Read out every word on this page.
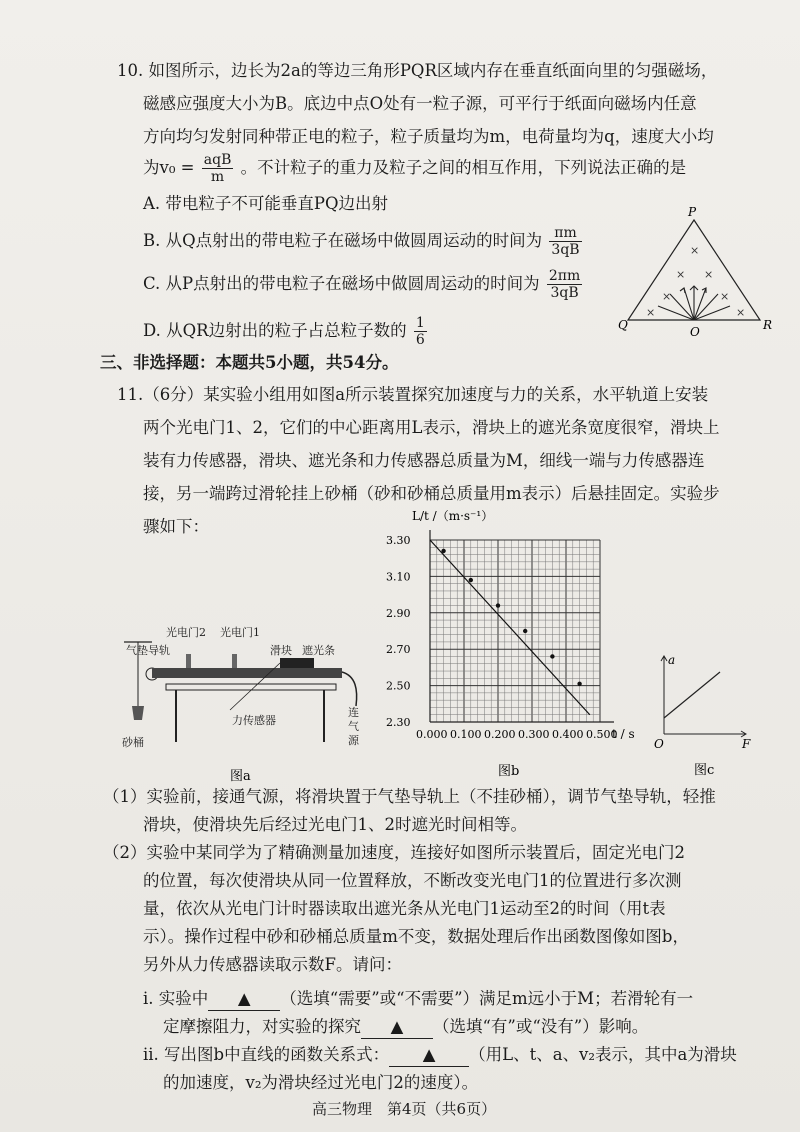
10. 如图所示，边长为2a的等边三角形PQR区域内存在垂直纸面向里的匀强磁场，
磁感应强度大小为B。底边中点O处有一粒子源，可平行于纸面向磁场内任意
方向均匀发射同种带正电的粒子，粒子质量均为m，电荷量均为q，速度大小均
为$v_0 = \frac{\text{aqB}}{m}$ 。不计粒子的重力及粒子之间的相互作用，下列说法正确的是
A. 带电粒子不可能垂直PQ边出射
B. 从Q点射出的带电粒子在磁场中做圆周运动的时间为 $\frac{\pi m}{3qB}$
C. 从P点射出的带电粒子在磁场中做圆周运动的时间为 $\frac{2\pi m}{3qB}$
D. 从QR边射出的粒子占总粒子数的 $\frac{1}{6}$
P
Q	R
O
×
× ×
×	×
×	×
三、非选择题：本题共5小题，共54分。
11.（6分）某实验小组用如图a所示装置探究加速度与力的关系，水平轨道上安装
两个光电门1、2，它们的中心距离用L表示，滑块上的遮光条宽度很窄，滑块上
装有力传感器，滑块、遮光条和力传感器总质量为M，细线一端与力传感器连
接，另一端跨过滑轮挂上砂桶（砂和砂桶总质量用m表示）后悬挂固定。实验步
骤如下：
光电门2 光电门1
气垫导轨	滑块 遮光条
力传感器
砂桶
连
气
源
图a
L/t /（m·s⁻¹）
t / s
0.000 0.100 0.200 0.300 0.400 0.500
2.30
2.50
2.70
2.90
3.10
3.30
图b
a
F
O
图c
（1）实验前，接通气源，将滑块置于气垫导轨上（不挂砂桶），调节气垫导轨，轻推
滑块，使滑块先后经过光电门1、2时遮光时间相等。
（2）实验中某同学为了精确测量加速度，连接好如图所示装置后，固定光电门2
的位置，每次使滑块从同一位置释放，不断改变光电门1的位置进行多次测
量，依次从光电门计时器读取出遮光条从光电门1运动至2的时间（用t表
示）。操作过程中砂和砂桶总质量m不变，数据处理后作出函数图像如图b，
另外从力传感器读取示数F。请问：
i. 实验中 ▲ （选填“需要”或“不需要”）满足m远小于M；若滑轮有一
定摩擦阻力，对实验的探究 ▲ （选填“有”或“没有”）影响。
ii. 写出图b中直线的函数关系式： ▲ （用L、t、a、v₂表示，其中a为滑块
的加速度，v₂为滑块经过光电门2的速度）。
高三物理　第4页（共6页）
